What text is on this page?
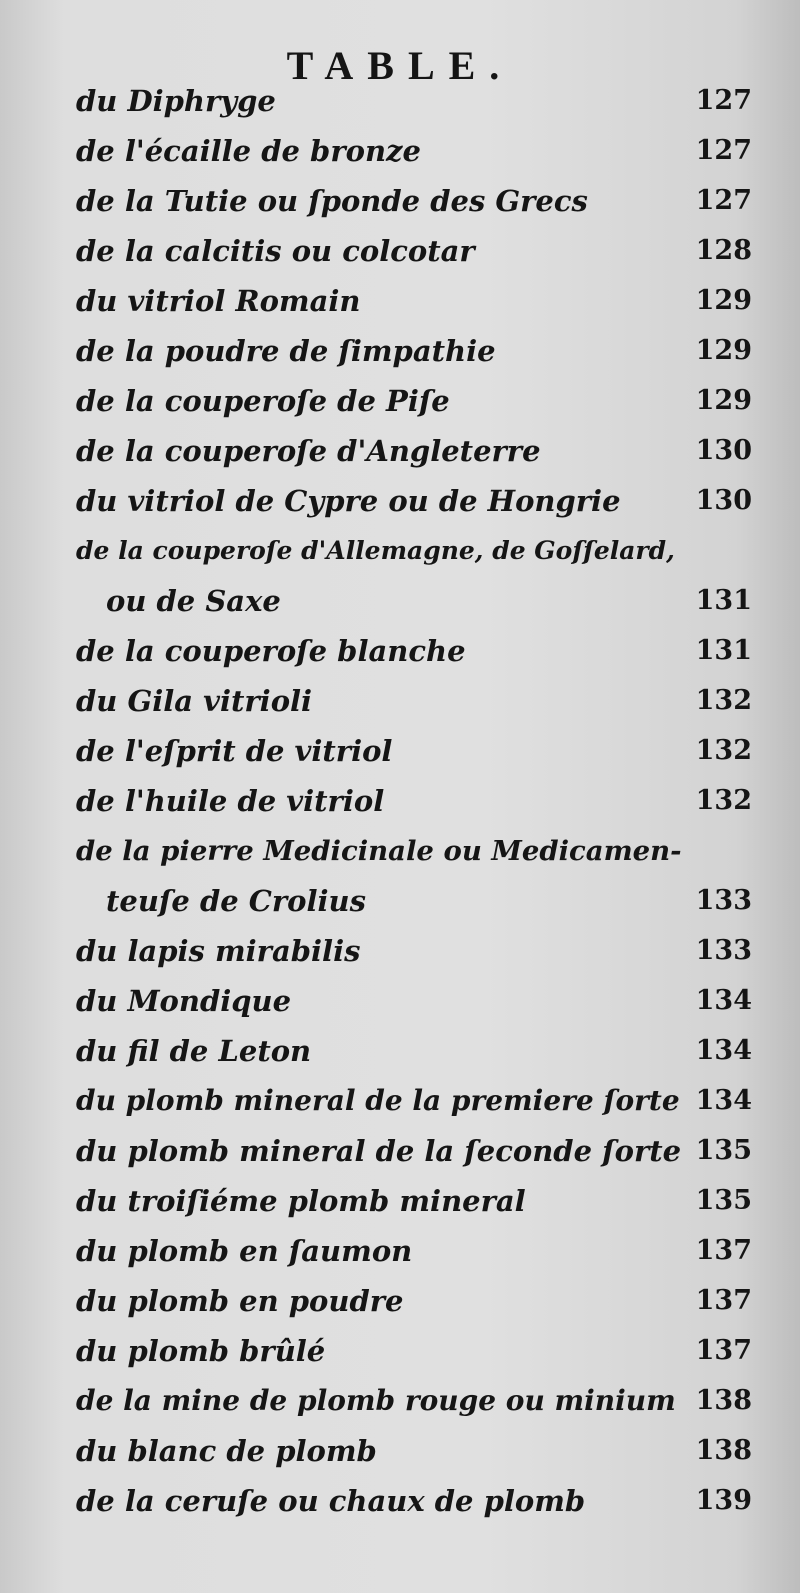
TABLE.
du Diphryge	127
de l'écaille de bronze	127
de la Tutie ou ſponde des Grecs	127
de la calcitis ou colcotar	128
du vitriol Romain	129
de la poudre de ſimpathie	129
de la couperoſe de Piſe	129
de la couperoſe d'Angleterre	130
du vitriol de Cypre ou de Hongrie	130
de la couperoſe d'Allemagne, de Goſſelard,
ou de Saxe	131
de la couperoſe blanche	131
du Gila vitrioli	132
de l'eſprit de vitriol	132
de l'huile de vitriol	132
de la pierre Medicinale ou Medicamen-
teuſe de Crolius	133
du lapis mirabilis	133
du Mondique	134
du fil de Leton	134
du plomb mineral de la premiere ſorte 134
du plomb mineral de la ſeconde ſorte 135
du troiſiéme plomb mineral	135
du plomb en ſaumon	137
du plomb en poudre	137
du plomb brûlé	137
de la mine de plomb rouge ou minium 138
du blanc de plomb	138
de la ceruſe ou chaux de plomb	139
